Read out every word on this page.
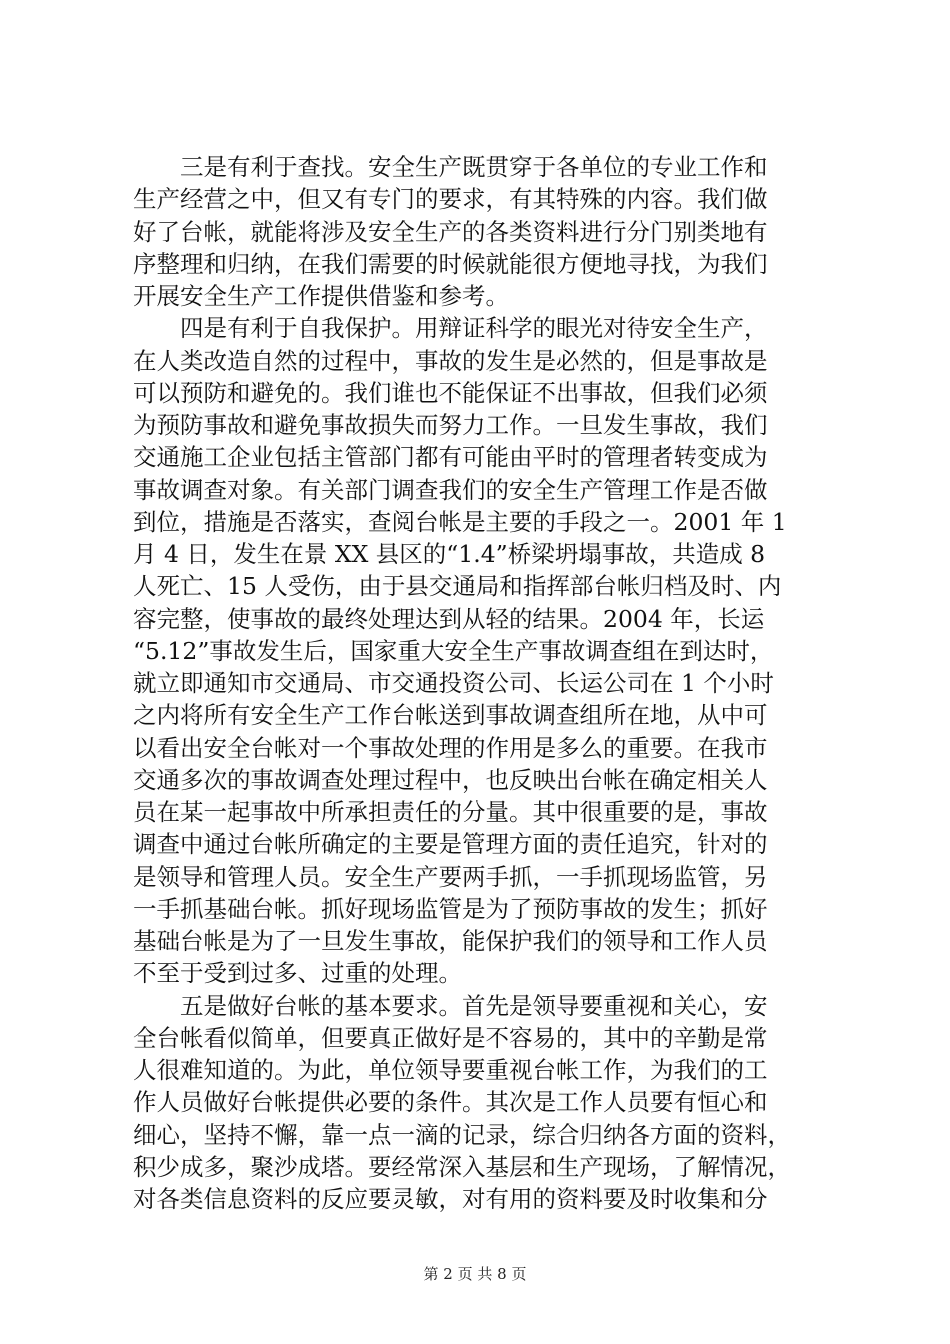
　　三是有利于查找。安全生产既贯穿于各单位的专业工作和
生产经营之中，但又有专门的要求，有其特殊的内容。我们做
好了台帐，就能将涉及安全生产的各类资料进行分门别类地有
序整理和归纳，在我们需要的时候就能很方便地寻找，为我们
开展安全生产工作提供借鉴和参考。
　　四是有利于自我保护。用辩证科学的眼光对待安全生产，
在人类改造自然的过程中，事故的发生是必然的，但是事故是
可以预防和避免的。我们谁也不能保证不出事故，但我们必须
为预防事故和避免事故损失而努力工作。一旦发生事故，我们
交通施工企业包括主管部门都有可能由平时的管理者转变成为
事故调查对象。有关部门调查我们的安全生产管理工作是否做
到位，措施是否落实，查阅台帐是主要的手段之一。2001 年 1
月 4 日，发生在景 XX 县区的“1.4”桥梁坍塌事故，共造成 8
人死亡、15 人受伤，由于县交通局和指挥部台帐归档及时、内
容完整，使事故的最终处理达到从轻的结果。2004 年，长运
“5.12”事故发生后，国家重大安全生产事故调查组在到达时，
就立即通知市交通局、市交通投资公司、长运公司在 1 个小时
之内将所有安全生产工作台帐送到事故调查组所在地，从中可
以看出安全台帐对一个事故处理的作用是多么的重要。在我市
交通多次的事故调查处理过程中，也反映出台帐在确定相关人
员在某一起事故中所承担责任的分量。其中很重要的是，事故
调查中通过台帐所确定的主要是管理方面的责任追究，针对的
是领导和管理人员。安全生产要两手抓，一手抓现场监管，另
一手抓基础台帐。抓好现场监管是为了预防事故的发生；抓好
基础台帐是为了一旦发生事故，能保护我们的领导和工作人员
不至于受到过多、过重的处理。
　　五是做好台帐的基本要求。首先是领导要重视和关心，安
全台帐看似简单，但要真正做好是不容易的，其中的辛勤是常
人很难知道的。为此，单位领导要重视台帐工作，为我们的工
作人员做好台帐提供必要的条件。其次是工作人员要有恒心和
细心，坚持不懈，靠一点一滴的记录，综合归纳各方面的资料，
积少成多，聚沙成塔。要经常深入基层和生产现场，了解情况，
对各类信息资料的反应要灵敏，对有用的资料要及时收集和分
第 2 页 共 8 页
